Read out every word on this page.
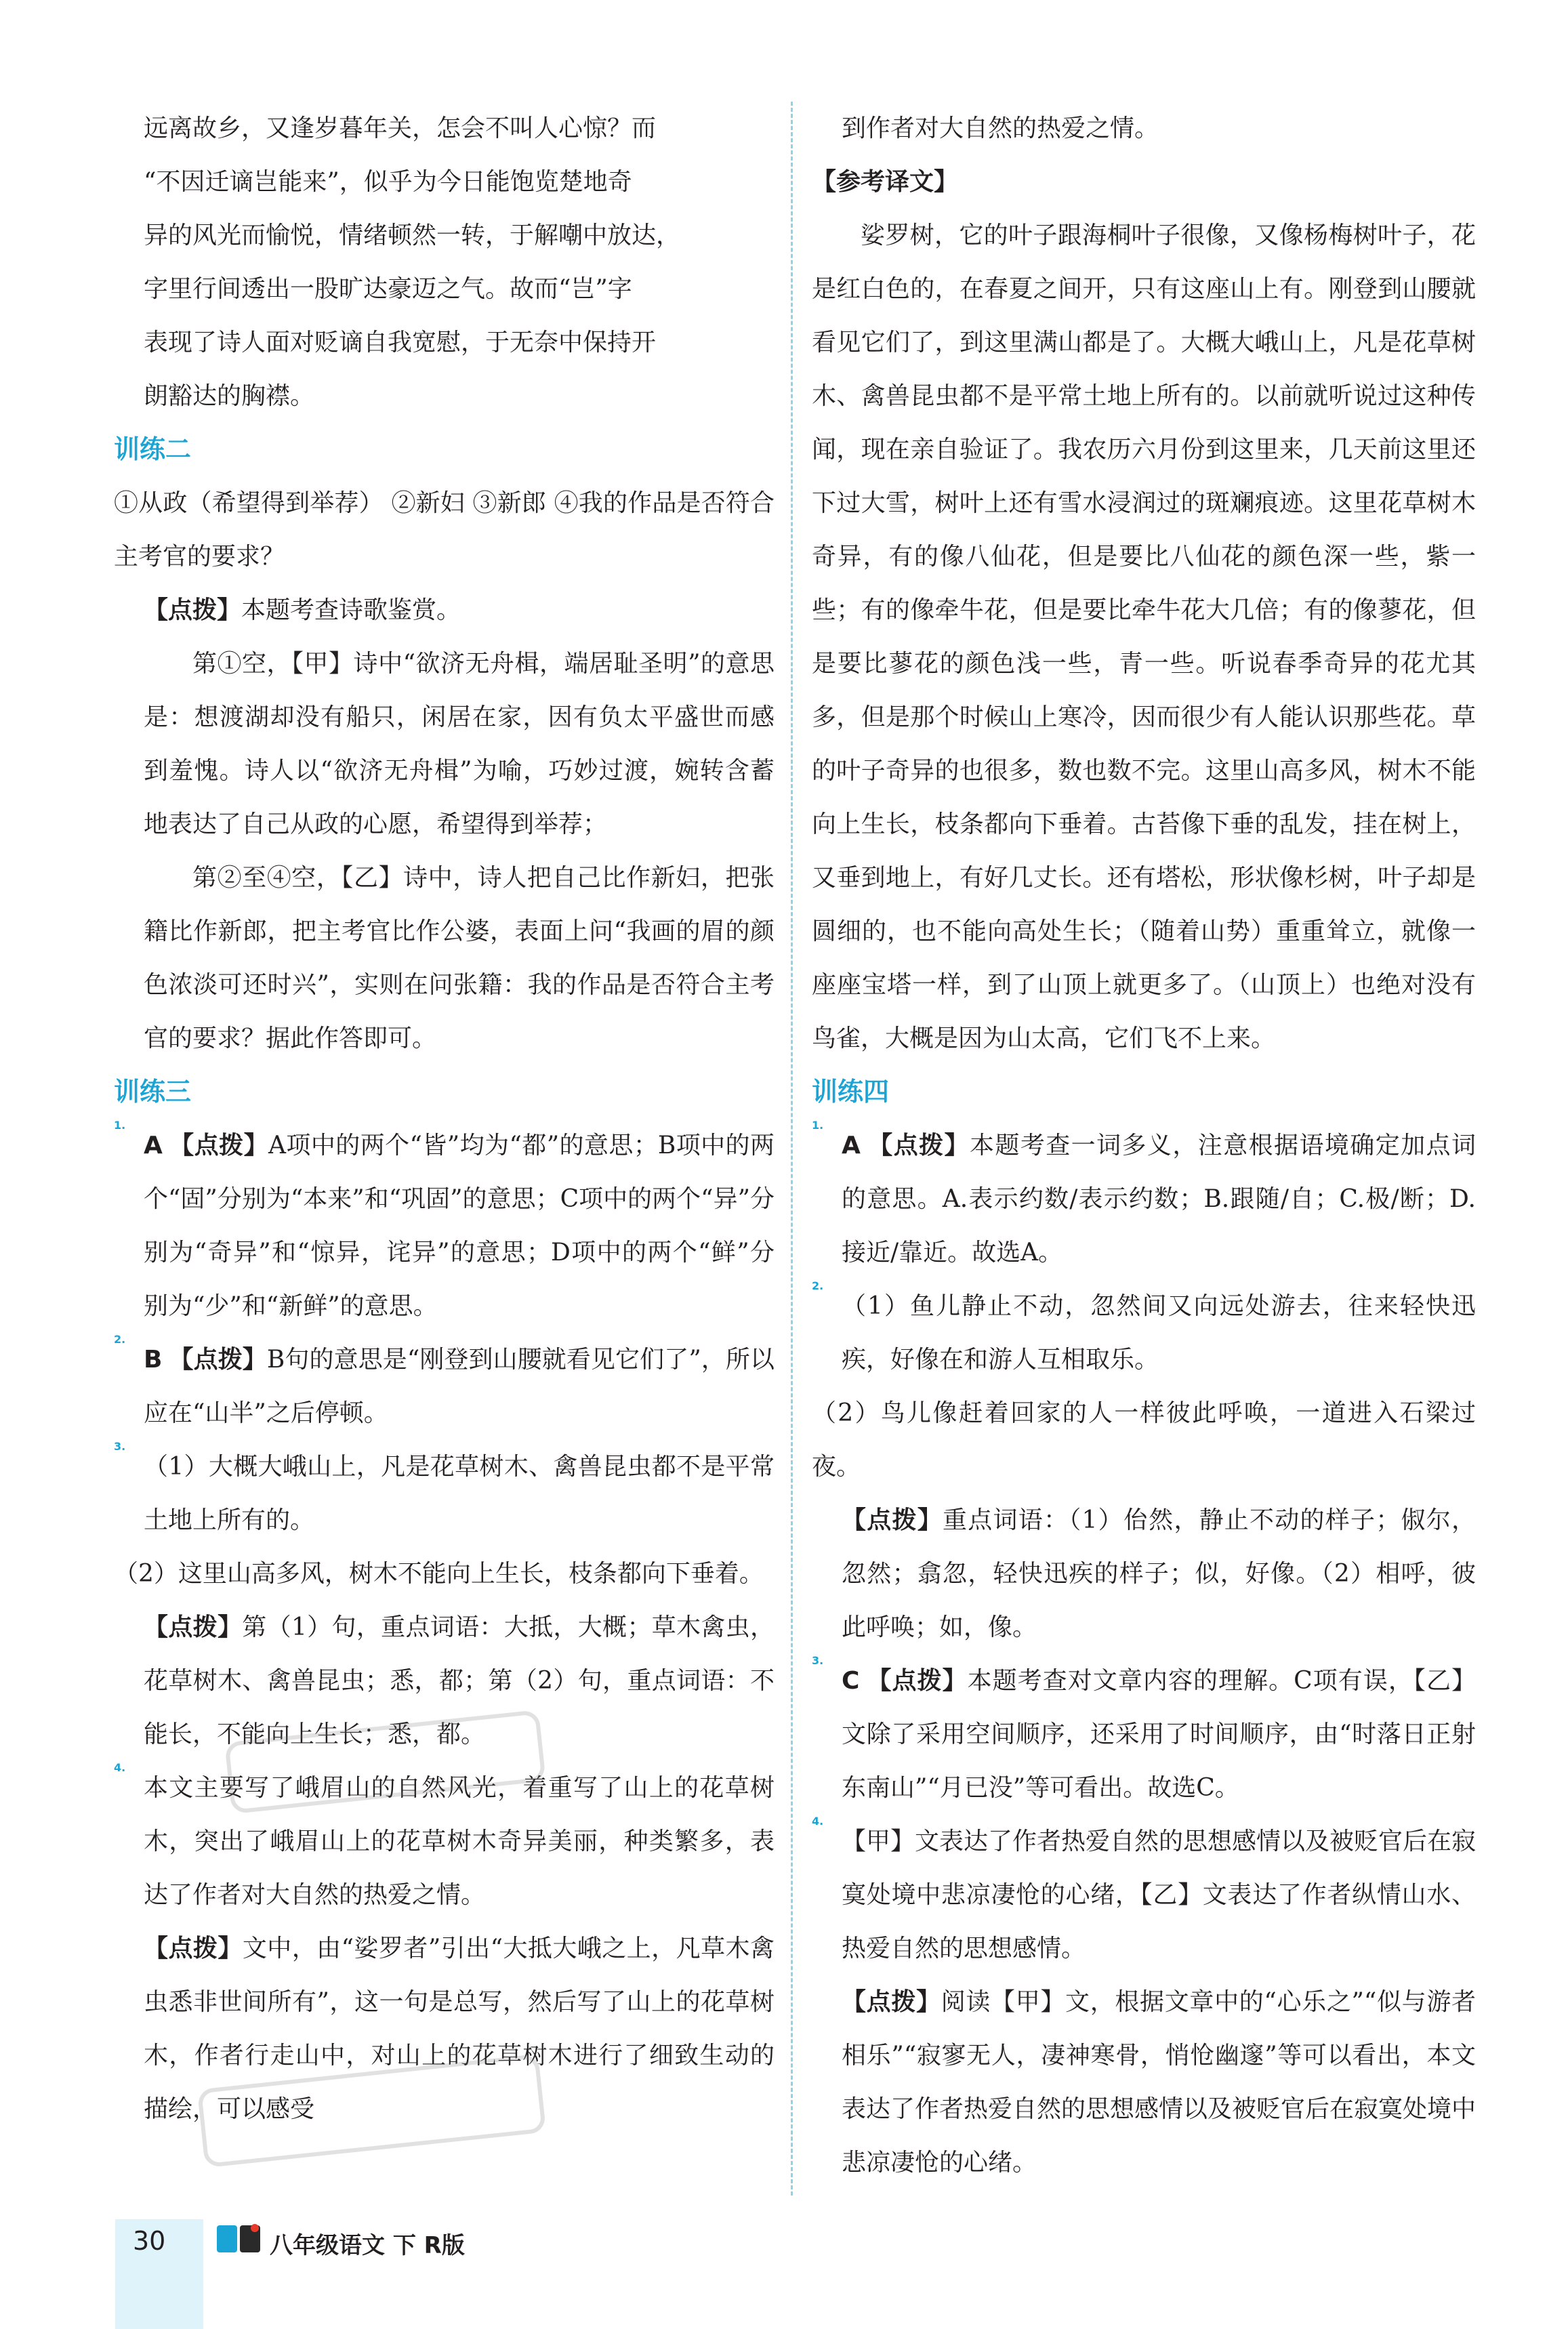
远离故乡，又逢岁暮年关，怎会不叫人心惊？而
“不因迁谪岂能来”，似乎为今日能饱览楚地奇
异的风光而愉悦，情绪顿然一转，于解嘲中放达，
字里行间透出一股旷达豪迈之气。故而“岂”字
表现了诗人面对贬谪自我宽慰，于无奈中保持开
朗豁达的胸襟。
训练二

①从政（希望得到举荐） ②新妇 ③新郎 ④我的作品是否符合主考官的要求？

【点拨】本题考查诗歌鉴赏。

第①空，【甲】诗中“欲济无舟楫，端居耻圣明”的意思是：想渡湖却没有船只，闲居在家，因有负太平盛世而感到羞愧。诗人以“欲济无舟楫”为喻，巧妙过渡，婉转含蓄地表达了自己从政的心愿，希望得到举荐；

第②至④空，【乙】诗中，诗人把自己比作新妇，把张籍比作新郎，把主考官比作公婆，表面上问“我画的眉的颜色浓淡可还时兴”，实则在问张籍：我的作品是否符合主考官的要求？据此作答即可。

训练三
1.

A 【点拨】A项中的两个“皆”均为“都”的意思；B项中的两个“固”分别为“本来”和“巩固”的意思；C项中的两个“异”分别为“奇异”和“惊异，诧异”的意思；D项中的两个“鲜”分别为“少”和“新鲜”的意思。

2.

B 【点拨】B句的意思是“刚登到山腰就看见它们了”，所以应在“山半”之后停顿。

3.

（1）大概大峨山上，凡是花草树木、禽兽昆虫都不是平常土地上所有的。

（2）这里山高多风，树木不能向上生长，枝条都向下垂着。

【点拨】第（1）句，重点词语：大抵，大概；草木禽虫，花草树木、禽兽昆虫；悉，都；第（2）句，重点词语：不能长，不能向上生长；悉，都。

4.

本文主要写了峨眉山的自然风光，着重写了山上的花草树木，突出了峨眉山上的花草树木奇异美丽，种类繁多，表达了作者对大自然的热爱之情。

【点拨】文中，由“娑罗者”引出“大抵大峨之上，凡草木禽虫悉非世间所有”，这一句是总写，然后写了山上的花草树木，作者行走山中，对山上的花草树木进行了细致生动的描绘，可以感受

到作者对大自然的热爱之情。

【参考译文】

娑罗树，它的叶子跟海桐叶子很像，又像杨梅树叶子，花是红白色的，在春夏之间开，只有这座山上有。刚登到山腰就看见它们了，到这里满山都是了。大概大峨山上，凡是花草树木、禽兽昆虫都不是平常土地上所有的。以前就听说过这种传闻，现在亲自验证了。我农历六月份到这里来，几天前这里还下过大雪，树叶上还有雪水浸润过的斑斓痕迹。这里花草树木奇异，有的像八仙花，但是要比八仙花的颜色深一些，紫一些；有的像牵牛花，但是要比牵牛花大几倍；有的像蓼花，但是要比蓼花的颜色浅一些，青一些。听说春季奇异的花尤其多，但是那个时候山上寒冷，因而很少有人能认识那些花。草的叶子奇异的也很多，数也数不完。这里山高多风，树木不能向上生长，枝条都向下垂着。古苔像下垂的乱发，挂在树上，又垂到地上，有好几丈长。还有塔松，形状像杉树，叶子却是圆细的，也不能向高处生长；（随着山势）重重耸立，就像一座座宝塔一样，到了山顶上就更多了。（山顶上）也绝对没有鸟雀，大概是因为山太高，它们飞不上来。

训练四
1.

A 【点拨】本题考查一词多义，注意根据语境确定加点词的意思。A.表示约数/表示约数；B.跟随/自；C.极/断；D.接近/靠近。故选A。

2.

（1）鱼儿静止不动，忽然间又向远处游去，往来轻快迅疾，好像在和游人互相取乐。

（2）鸟儿像赶着回家的人一样彼此呼唤，一道进入石梁过夜。

【点拨】重点词语：（1）佁然，静止不动的样子；俶尔，忽然；翕忽，轻快迅疾的样子；似，好像。（2）相呼，彼此呼唤；如，像。

3.

C 【点拨】本题考查对文章内容的理解。C项有误，【乙】文除了采用空间顺序，还采用了时间顺序，由“时落日正射东南山”“月已没”等可看出。故选C。

4.

【甲】文表达了作者热爱自然的思想感情以及被贬官后在寂寞处境中悲凉凄怆的心绪，【乙】文表达了作者纵情山水、热爱自然的思想感情。

【点拨】阅读【甲】文，根据文章中的“心乐之”“似与游者相乐”“寂寥无人，凄神寒骨，悄怆幽邃”等可以看出，本文表达了作者热爱自然的思想感情以及被贬官后在寂寞处境中悲凉凄怆的心绪。

30	八年级语文 下 R版
